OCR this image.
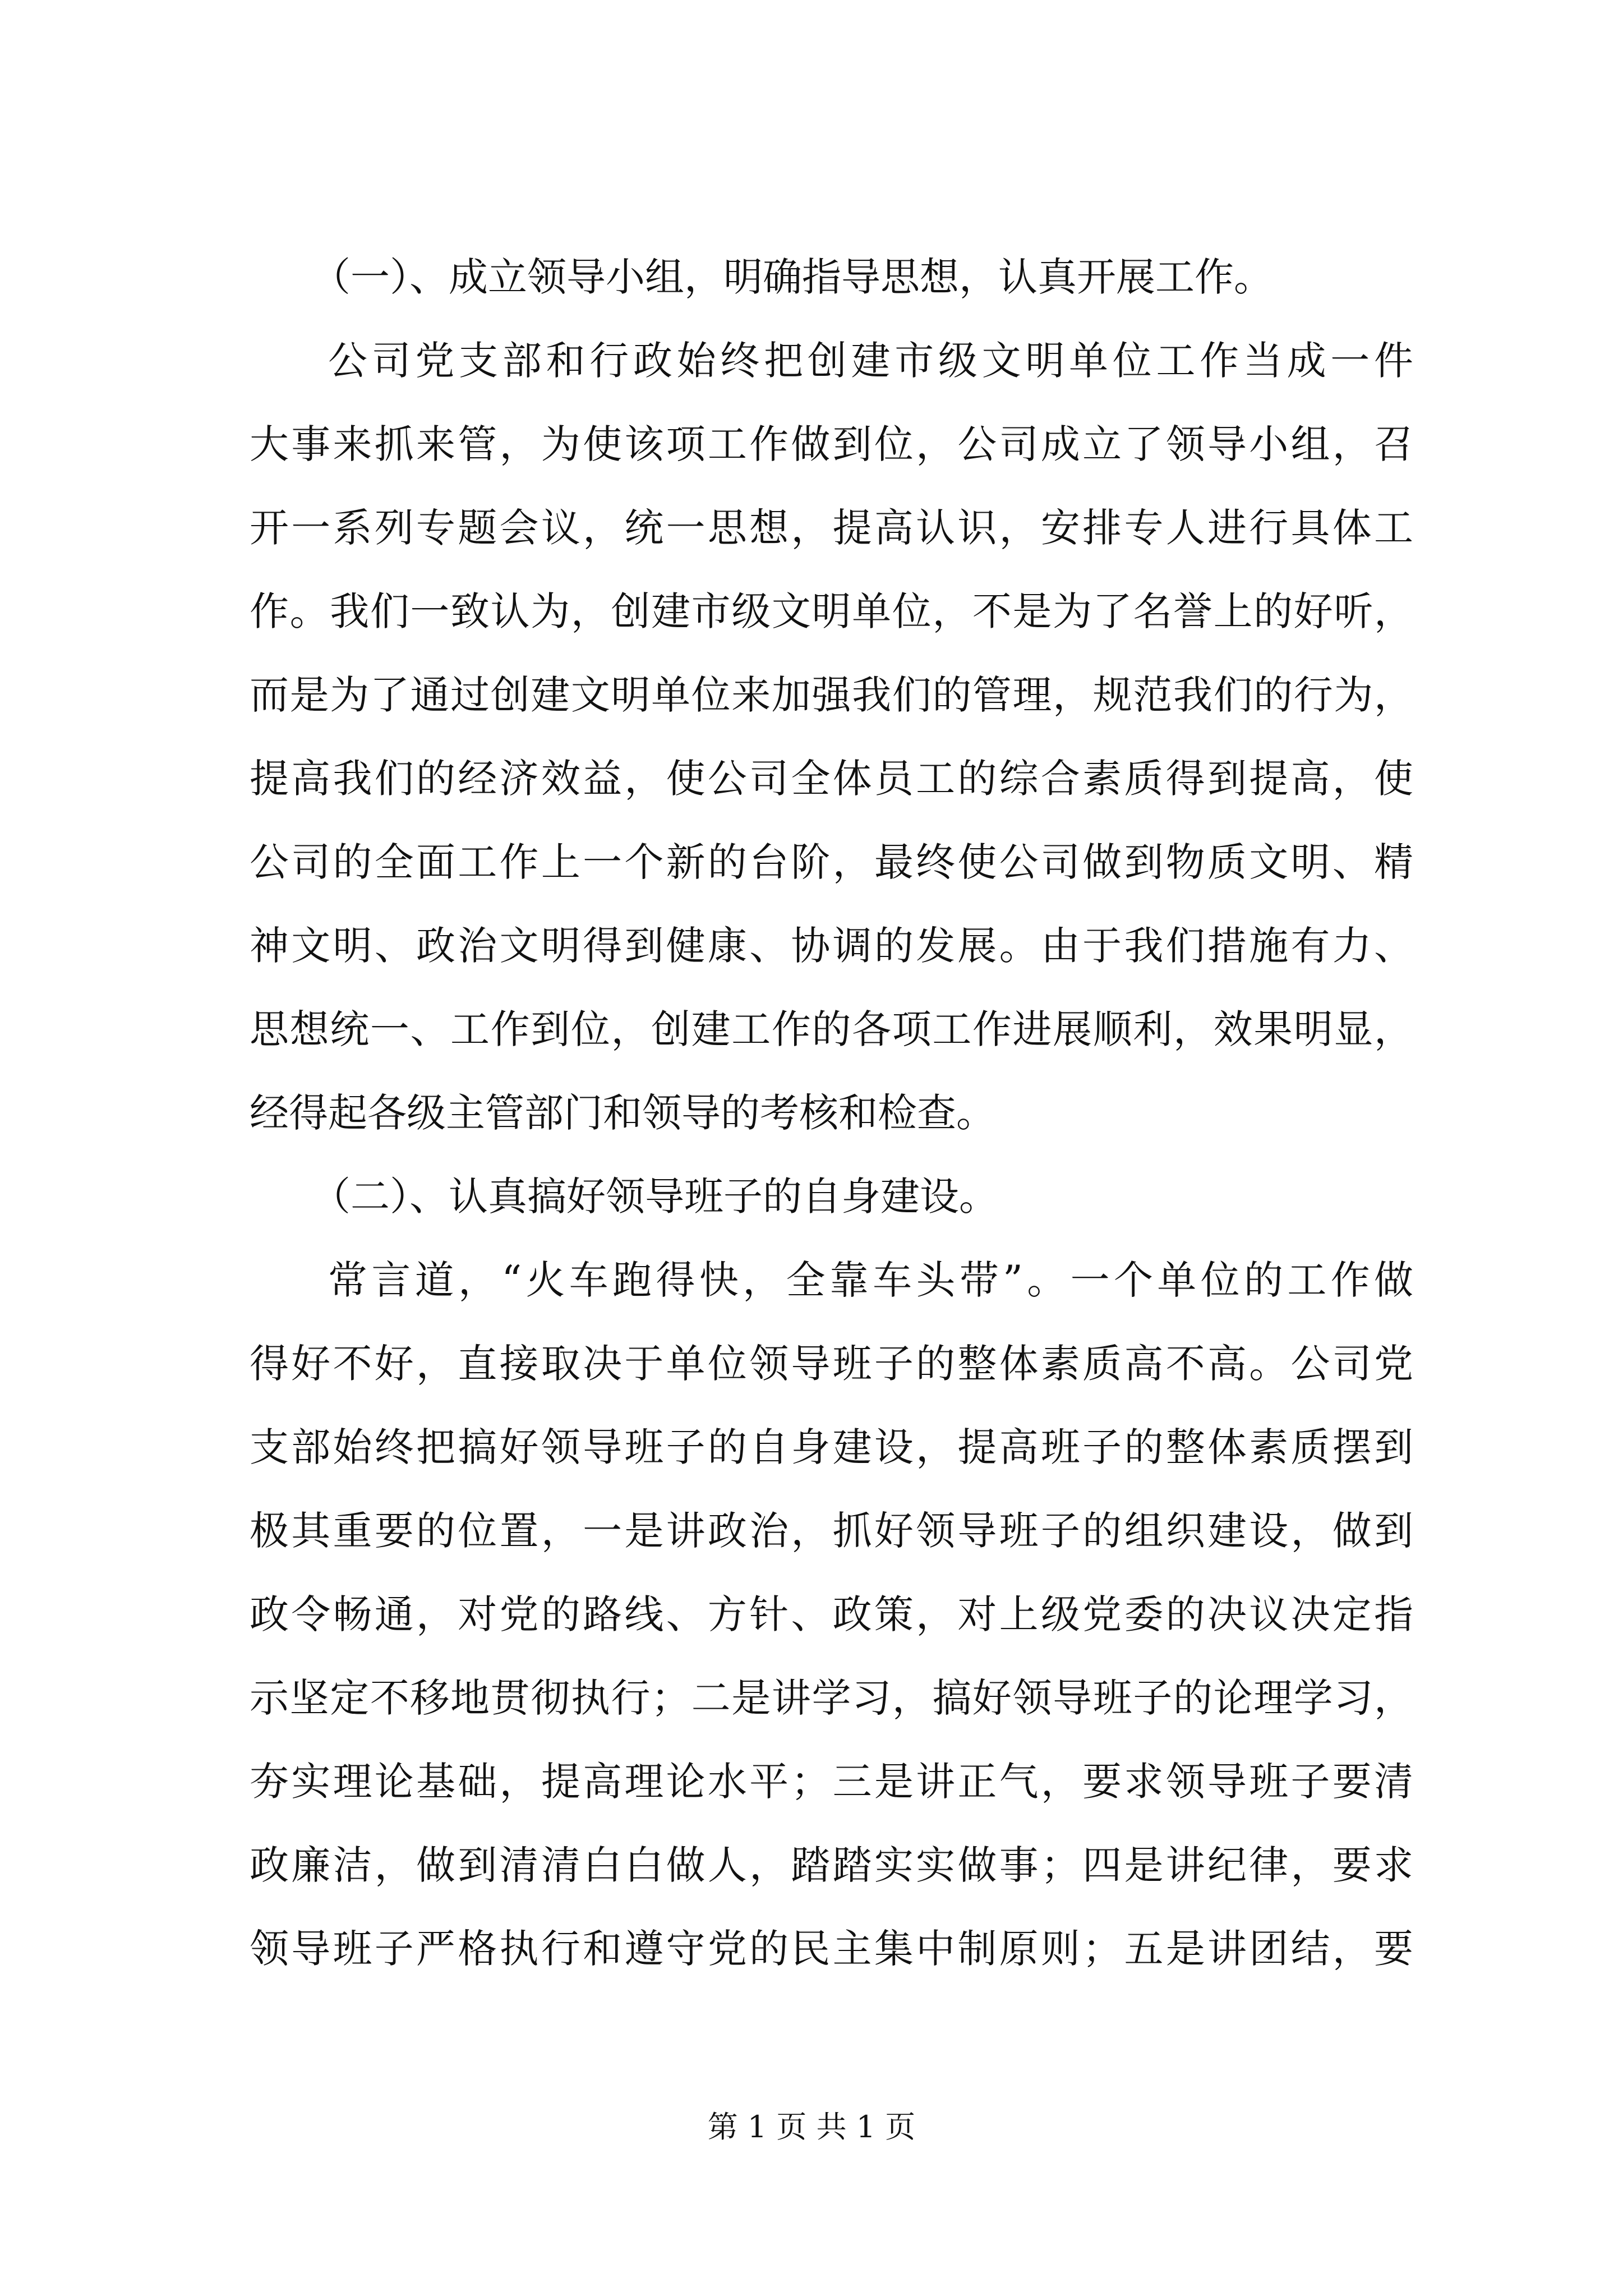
（一）、成立领导小组，明确指导思想，认真开展工作。
公司党支部和行政始终把创建市级文明单位工作当成一件
大事来抓来管，为使该项工作做到位，公司成立了领导小组，召
开一系列专题会议，统一思想，提高认识，安排专人进行具体工
作。我们一致认为，创建市级文明单位，不是为了名誉上的好听，
而是为了通过创建文明单位来加强我们的管理，规范我们的行为，
提高我们的经济效益，使公司全体员工的综合素质得到提高，使
公司的全面工作上一个新的台阶，最终使公司做到物质文明、精
神文明、政治文明得到健康、协调的发展。由于我们措施有力、
思想统一、工作到位，创建工作的各项工作进展顺利，效果明显，
经得起各级主管部门和领导的考核和检查。
（二）、认真搞好领导班子的自身建设。
常言道，“火车跑得快，全靠车头带”。一个单位的工作做
得好不好，直接取决于单位领导班子的整体素质高不高。公司党
支部始终把搞好领导班子的自身建设，提高班子的整体素质摆到
极其重要的位置，一是讲政治，抓好领导班子的组织建设，做到
政令畅通，对党的路线、方针、政策，对上级党委的决议决定指
示坚定不移地贯彻执行；二是讲学习，搞好领导班子的论理学习，
夯实理论基础，提高理论水平；三是讲正气，要求领导班子要清
政廉洁，做到清清白白做人，踏踏实实做事；四是讲纪律，要求
领导班子严格执行和遵守党的民主集中制原则；五是讲团结，要
第 1 页 共 1 页
